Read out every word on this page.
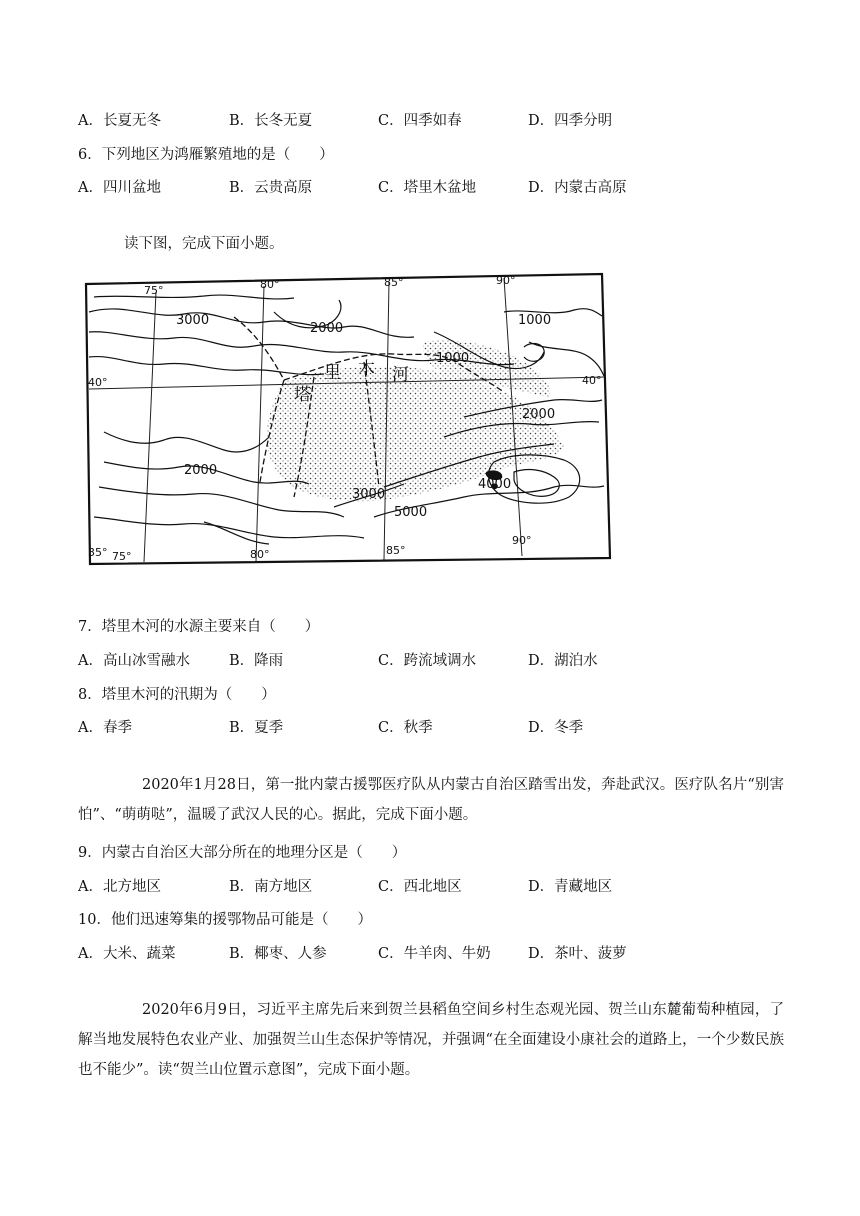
A．长夏无冬	B．长冬无夏	C．四季如春	D．四季分明
6．下列地区为鸿雁繁殖地的是（　　）
A．四川盆地	B．云贵高原	C．塔里木盆地	D．内蒙古高原
读下图，完成下面小题。
75°	80°	85°	90°
75°	80°	85°
90°
40°	40°
35°
3000
2000
1000
1000
2000
2000
3000
4000
5000
里 木 河
塔
7．塔里木河的水源主要来自（　　）
A．高山冰雪融水	B．降雨	C．跨流域调水	D．湖泊水
8．塔里木河的汛期为（　　）
A．春季	B．夏季	C．秋季	D．冬季
2020年1月28日，第一批内蒙古援鄂医疗队从内蒙古自治区踏雪出发，奔赴武汉。医疗队名片“别害怕”、“萌萌哒”，温暖了武汉人民的心。据此，完成下面小题。
9．内蒙古自治区大部分所在的地理分区是（　　）
A．北方地区	B．南方地区	C．西北地区	D．青藏地区
10．他们迅速筹集的援鄂物品可能是（　　）
A．大米、蔬菜	B．椰枣、人参	C．牛羊肉、牛奶	D．茶叶、菠萝
2020年6月9日，习近平主席先后来到贺兰县稻鱼空间乡村生态观光园、贺兰山东麓葡萄种植园，了解当地发展特色农业产业、加强贺兰山生态保护等情况，并强调“在全面建设小康社会的道路上，一个少数民族也不能少”。读“贺兰山位置示意图”，完成下面小题。
